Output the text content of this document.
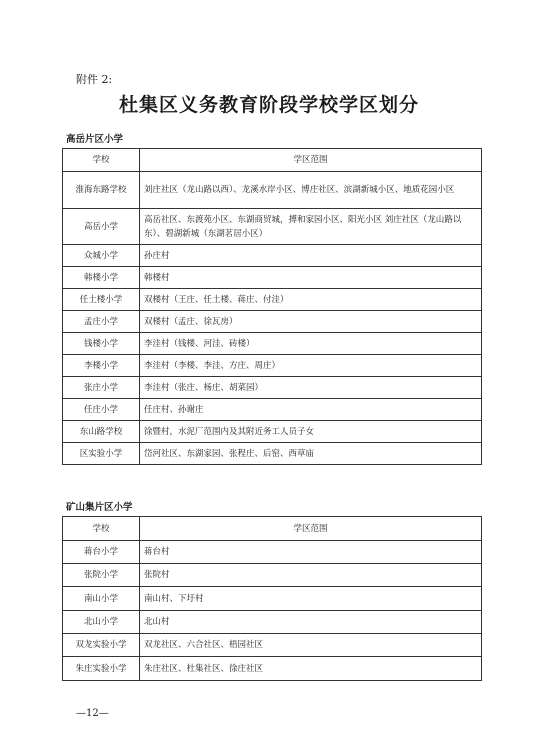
附件 2:
杜集区义务教育阶段学校学区划分
高岳片区小学
学校	学区范围
淮海东路学校	刘庄社区（龙山路以西）、龙溪水岸小区、博庄社区、滨湖新城小区、地质花园小区
高岳小学	高岳社区、东渡苑小区、东湖商贸城，搏和家园小区、阳光小区 刘庄社区（龙山路以东）、碧湖新城（东湖茗居小区）
众城小学	孙庄村
韩楼小学	韩楼村
任土楼小学	双楼村（王庄、任土楼、蒋庄、付洼）
孟庄小学	双楼村（孟庄、徐瓦房）
钱楼小学	李洼村（钱楼、河洼、砖楼）
李楼小学	李洼村（李楼、李洼、方庄、周庄）
张庄小学	李洼村（张庄、杨庄、胡菜园）
任庄小学	任庄村、孙谢庄
东山路学校	徐暨村，水泥厂范围内及其附近务工人员子女
区实验小学	岱河社区、东湖家园、张程庄、后窑、西草庙
矿山集片区小学
学校	学区范围
蒋台小学	蒋台村
张院小学	张院村
南山小学	南山村、下圩村
北山小学	北山村
双龙实验小学	双龙社区、六合社区、梧园社区
朱庄实验小学	朱庄社区、杜集社区、徐庄社区
—12—
